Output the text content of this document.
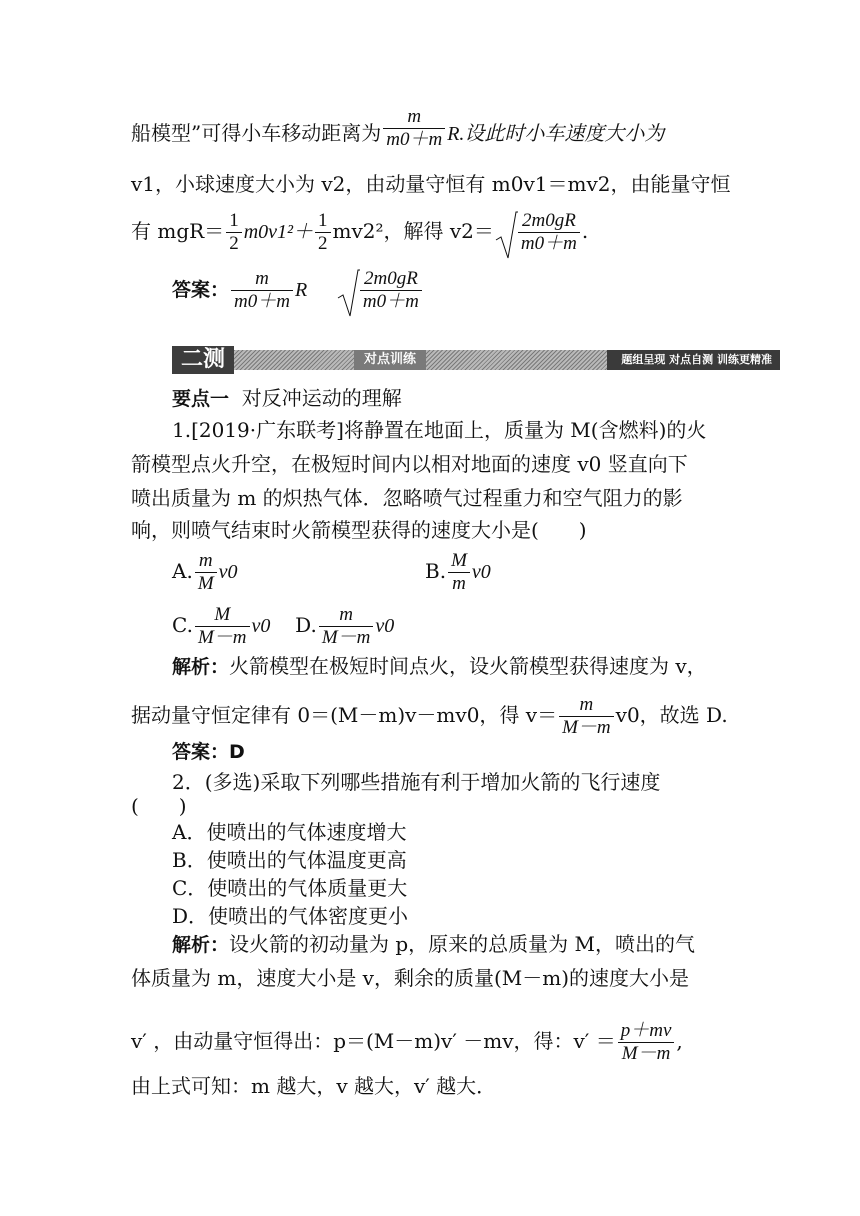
船模型”可得小车移动距离为 $\frac{m}{m0+m} R$.设此时小车速度大小为
v1，小球速度大小为 v2，由动量守恒有 m0v1＝mv2，由能量守恒
有 $mgR= \frac{1}{2} m0v1^2+ \frac{1}{2} mv2^2$，解得 $v2= \frac{2m0gR}{m0+m}$ .
答案： $\frac{m}{m0+m}$ R	$\frac{2m0gR}{m0+m}$
二测	对点训练	题组呈现 对点自测 训练更精准
要点一 对反冲运动的理解
1.[2019·广东联考]将静置在地面上，质量为 M(含燃料)的火
箭模型点火升空，在极短时间内以相对地面的速度 v0 竖直向下
喷出质量为 m 的炽热气体．忽略喷气过程重力和空气阻力的影
响，则喷气结束时火箭模型获得的速度大小是(　　)
A. $\frac{m}{M} v0$	B. $\frac{M}{m} v0$
C. $\frac{M}{M-m} v0$ D. $\frac{m}{M-m} v0$
解析：火箭模型在极短时间点火，设火箭模型获得速度为 v，
据动量守恒定律有 0＝(M－m)v－mv0，得 $v= \frac{m}{M-m} v0$，故选 D.
答案：D
2．(多选)采取下列哪些措施有利于增加火箭的飞行速度
(　　)
A．使喷出的气体速度增大
B．使喷出的气体温度更高
C．使喷出的气体质量更大
D．使喷出的气体密度更小
解析：设火箭的初动量为 p，原来的总质量为 M，喷出的气
体质量为 m，速度大小是 v，剩余的质量(M－m)的速度大小是
v′ ，由动量守恒得出：p＝(M－m)v′ －mv，得：$v' = \frac{p+mv}{M-m}$ ,
由上式可知：m 越大，v 越大，v′ 越大．
